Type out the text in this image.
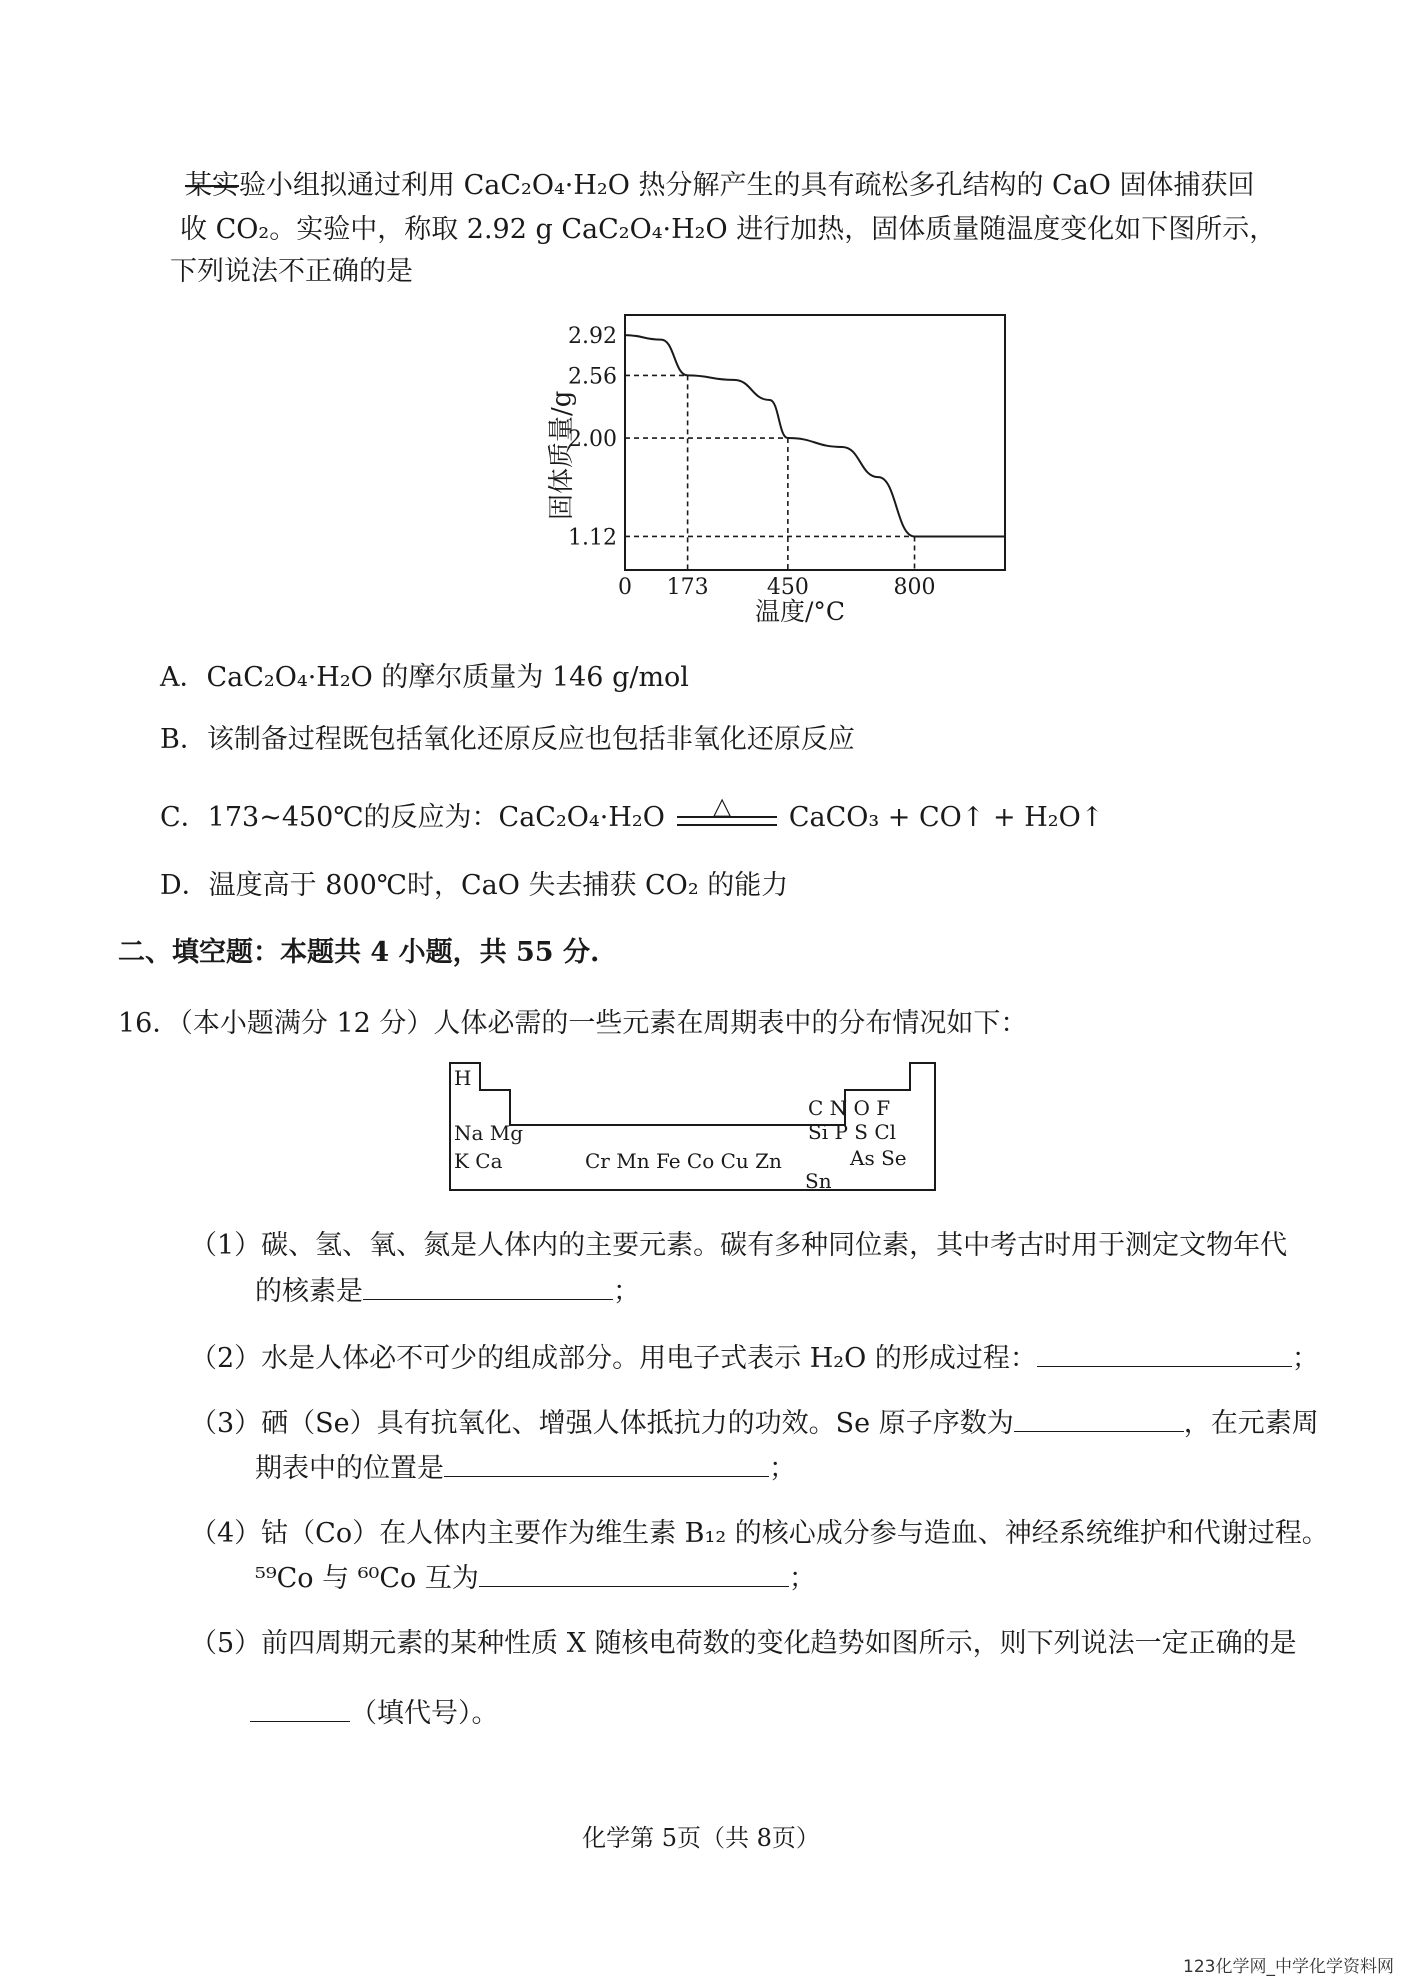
某实验小组拟通过利用 CaC₂O₄·H₂O 热分解产生的具有疏松多孔结构的 CaO 固体捕获回
收 CO₂。实验中，称取 2.92 g CaC₂O₄·H₂O 进行加热，固体质量随温度变化如下图所示，
下列说法不正确的是
2.92
2.56
2.00
1.12
0 173	450	800
固体质量/g
温度/°C
A．CaC₂O₄·H₂O 的摩尔质量为 146 g/mol
B．该制备过程既包括氧化还原反应也包括非氧化还原反应
C．173~450℃的反应为：CaC₂O₄·H₂O △ CaCO₃ + CO↑ + H₂O↑
D．温度高于 800℃时，CaO 失去捕获 CO₂ 的能力
二、填空题：本题共 4 小题，共 55 分.
16．（本小题满分 12 分）人体必需的一些元素在周期表中的分布情况如下：
H
Na Mg
K Ca	Cr Mn Fe Co Cu Zn
C N O F
Si P S Cl
As Se
Sn
（1）碳、氢、氧、氮是人体内的主要元素。碳有多种同位素，其中考古时用于测定文物年代
的核素是	；
（2）水是人体必不可少的组成部分。用电子式表示 H₂O 的形成过程：	；
（3）硒（Se）具有抗氧化、增强人体抵抗力的功效。Se 原子序数为	，在元素周
期表中的位置是	；
（4）钴（Co）在人体内主要作为维生素 B₁₂ 的核心成分参与造血、神经系统维护和代谢过程。
⁵⁹Co 与 ⁶⁰Co 互为	；
（5）前四周期元素的某种性质 X 随核电荷数的变化趋势如图所示，则下列说法一定正确的是
（填代号）。
化学第 5页（共 8页）
123化学网_中学化学资料网
